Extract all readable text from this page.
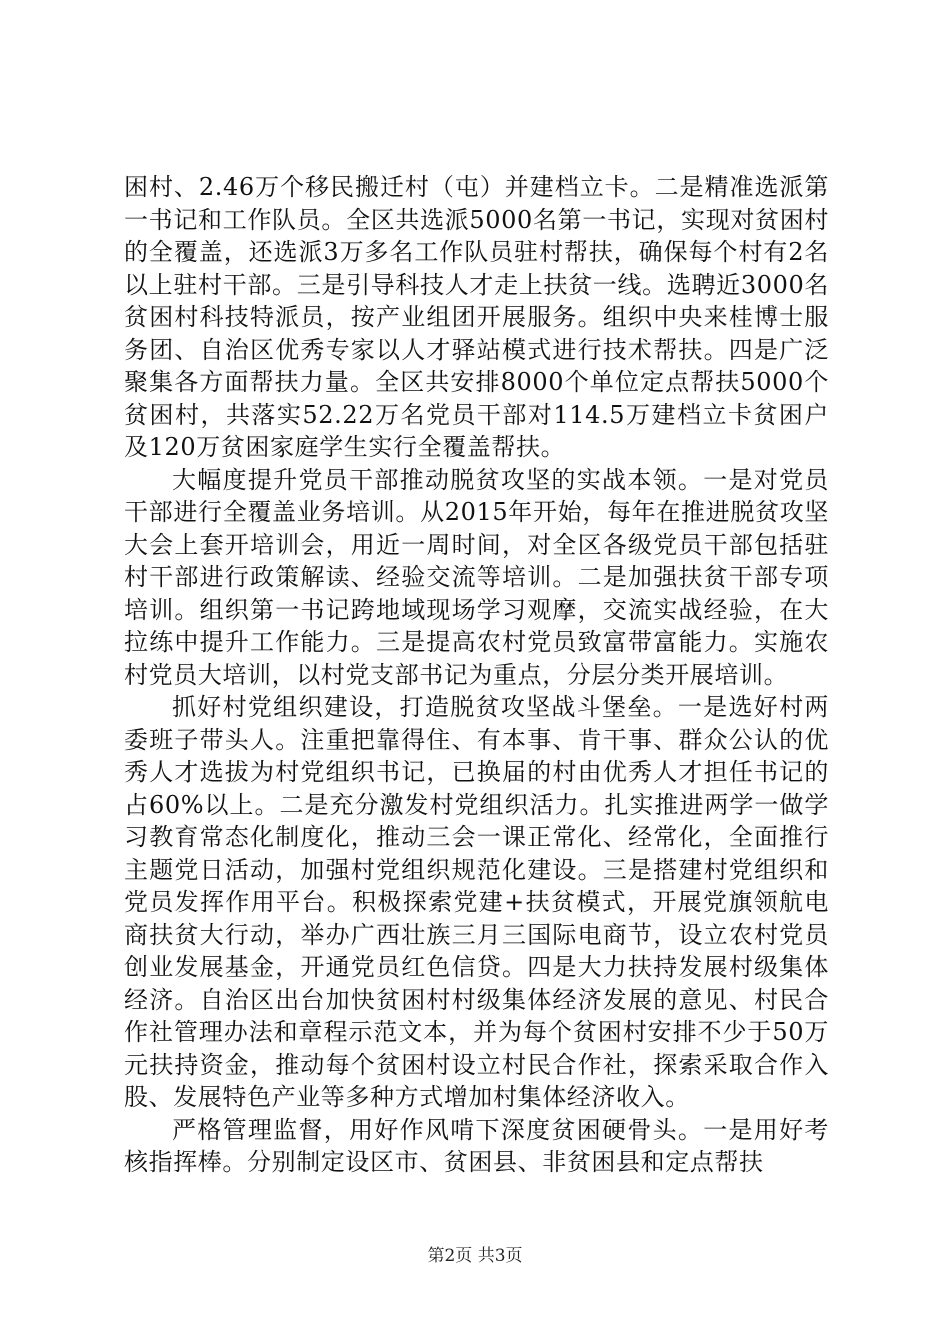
困村、2.46万个移民搬迁村（屯）并建档立卡。二是精准选派第一书记和工作队员。全区共选派5000名第一书记，实现对贫困村的全覆盖，还选派3万多名工作队员驻村帮扶，确保每个村有2名以上驻村干部。三是引导科技人才走上扶贫一线。选聘近3000名贫困村科技特派员，按产业组团开展服务。组织中央来桂博士服务团、自治区优秀专家以人才驿站模式进行技术帮扶。四是广泛聚集各方面帮扶力量。全区共安排8000个单位定点帮扶5000个贫困村，共落实52.22万名党员干部对114.5万建档立卡贫困户及120万贫困家庭学生实行全覆盖帮扶。

大幅度提升党员干部推动脱贫攻坚的实战本领。一是对党员干部进行全覆盖业务培训。从2015年开始，每年在推进脱贫攻坚大会上套开培训会，用近一周时间，对全区各级党员干部包括驻村干部进行政策解读、经验交流等培训。二是加强扶贫干部专项培训。组织第一书记跨地域现场学习观摩，交流实战经验，在大拉练中提升工作能力。三是提高农村党员致富带富能力。实施农村党员大培训，以村党支部书记为重点，分层分类开展培训。

抓好村党组织建设，打造脱贫攻坚战斗堡垒。一是选好村两委班子带头人。注重把靠得住、有本事、肯干事、群众公认的优秀人才选拔为村党组织书记，已换届的村由优秀人才担任书记的占60%以上。二是充分激发村党组织活力。扎实推进两学一做学习教育常态化制度化，推动三会一课正常化、经常化，全面推行主题党日活动，加强村党组织规范化建设。三是搭建村党组织和党员发挥作用平台。积极探索党建+扶贫模式，开展党旗领航电商扶贫大行动，举办广西壮族三月三国际电商节，设立农村党员创业发展基金，开通党员红色信贷。四是大力扶持发展村级集体经济。自治区出台加快贫困村村级集体经济发展的意见、村民合作社管理办法和章程示范文本，并为每个贫困村安排不少于50万元扶持资金，推动每个贫困村设立村民合作社，探索采取合作入股、发展特色产业等多种方式增加村集体经济收入。

严格管理监督，用好作风啃下深度贫困硬骨头。一是用好考核指挥棒。分别制定设区市、贫困县、非贫困县和定点帮扶

第2页 共3页
